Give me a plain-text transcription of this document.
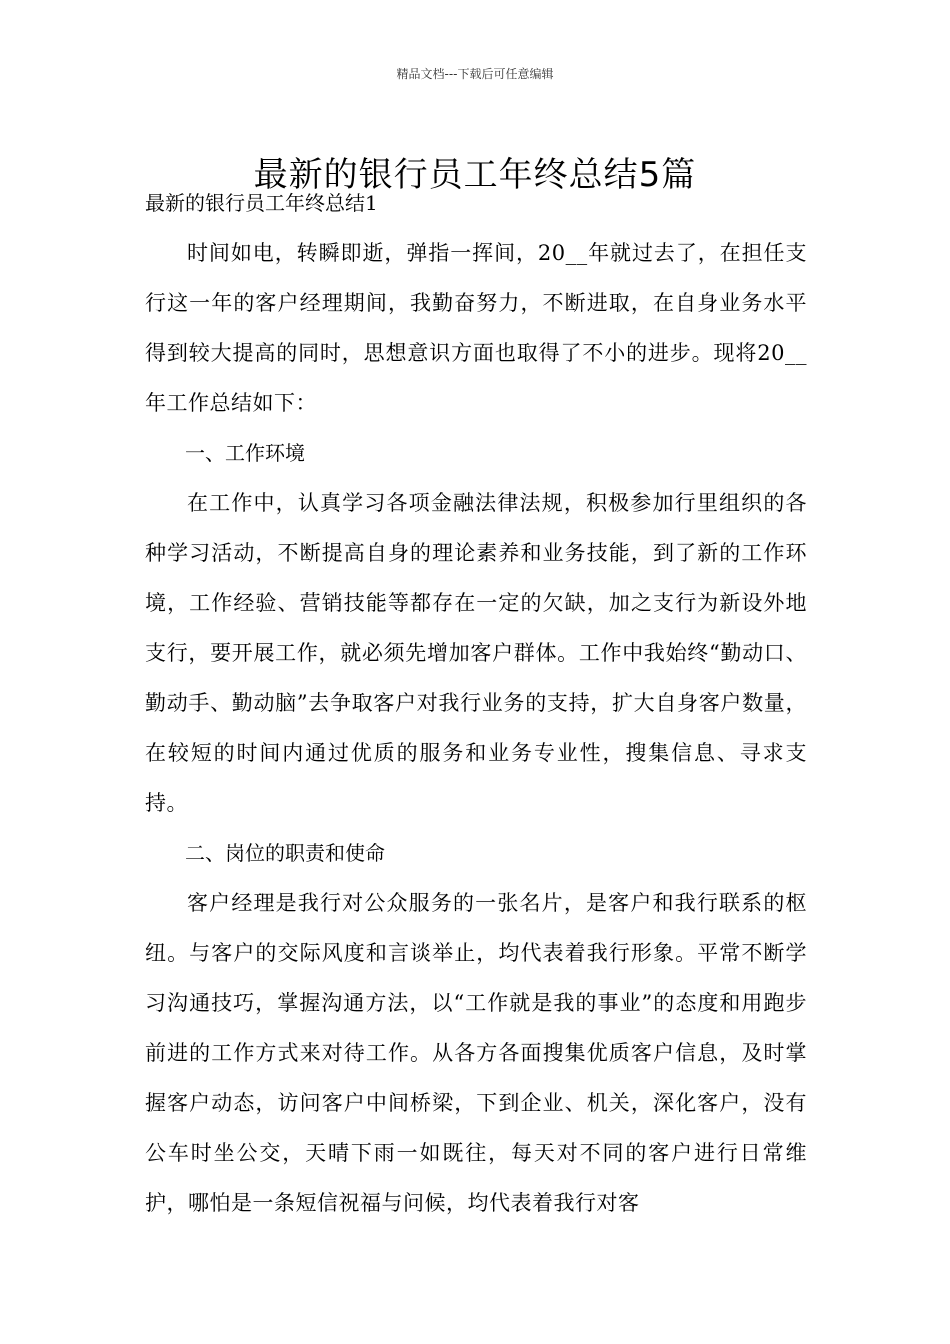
精品文档---下载后可任意编辑
最新的银行员工年终总结5篇

最新的银行员工年终总结1

时间如电，转瞬即逝，弹指一挥间，20__年就过去了，在担任支行这一年的客户经理期间，我勤奋努力，不断进取，在自身业务水平得到较大提高的同时，思想意识方面也取得了不小的进步。现将20__年工作总结如下：

一、工作环境

在工作中，认真学习各项金融法律法规，积极参加行里组织的各种学习活动，不断提高自身的理论素养和业务技能，到了新的工作环境，工作经验、营销技能等都存在一定的欠缺，加之支行为新设外地支行，要开展工作，就必须先增加客户群体。工作中我始终“勤动口、勤动手、勤动脑”去争取客户对我行业务的支持，扩大自身客户数量，在较短的时间内通过优质的服务和业务专业性，搜集信息、寻求支持。

二、岗位的职责和使命

客户经理是我行对公众服务的一张名片，是客户和我行联系的枢纽。与客户的交际风度和言谈举止，均代表着我行形象。平常不断学习沟通技巧，掌握沟通方法，以“工作就是我的事业”的态度和用跑步前进的工作方式来对待工作。从各方各面搜集优质客户信息，及时掌握客户动态，访问客户中间桥梁，下到企业、机关，深化客户，没有公车时坐公交，天晴下雨一如既往，每天对不同的客户进行日常维护，哪怕是一条短信祝福与问候，均代表着我行对客
